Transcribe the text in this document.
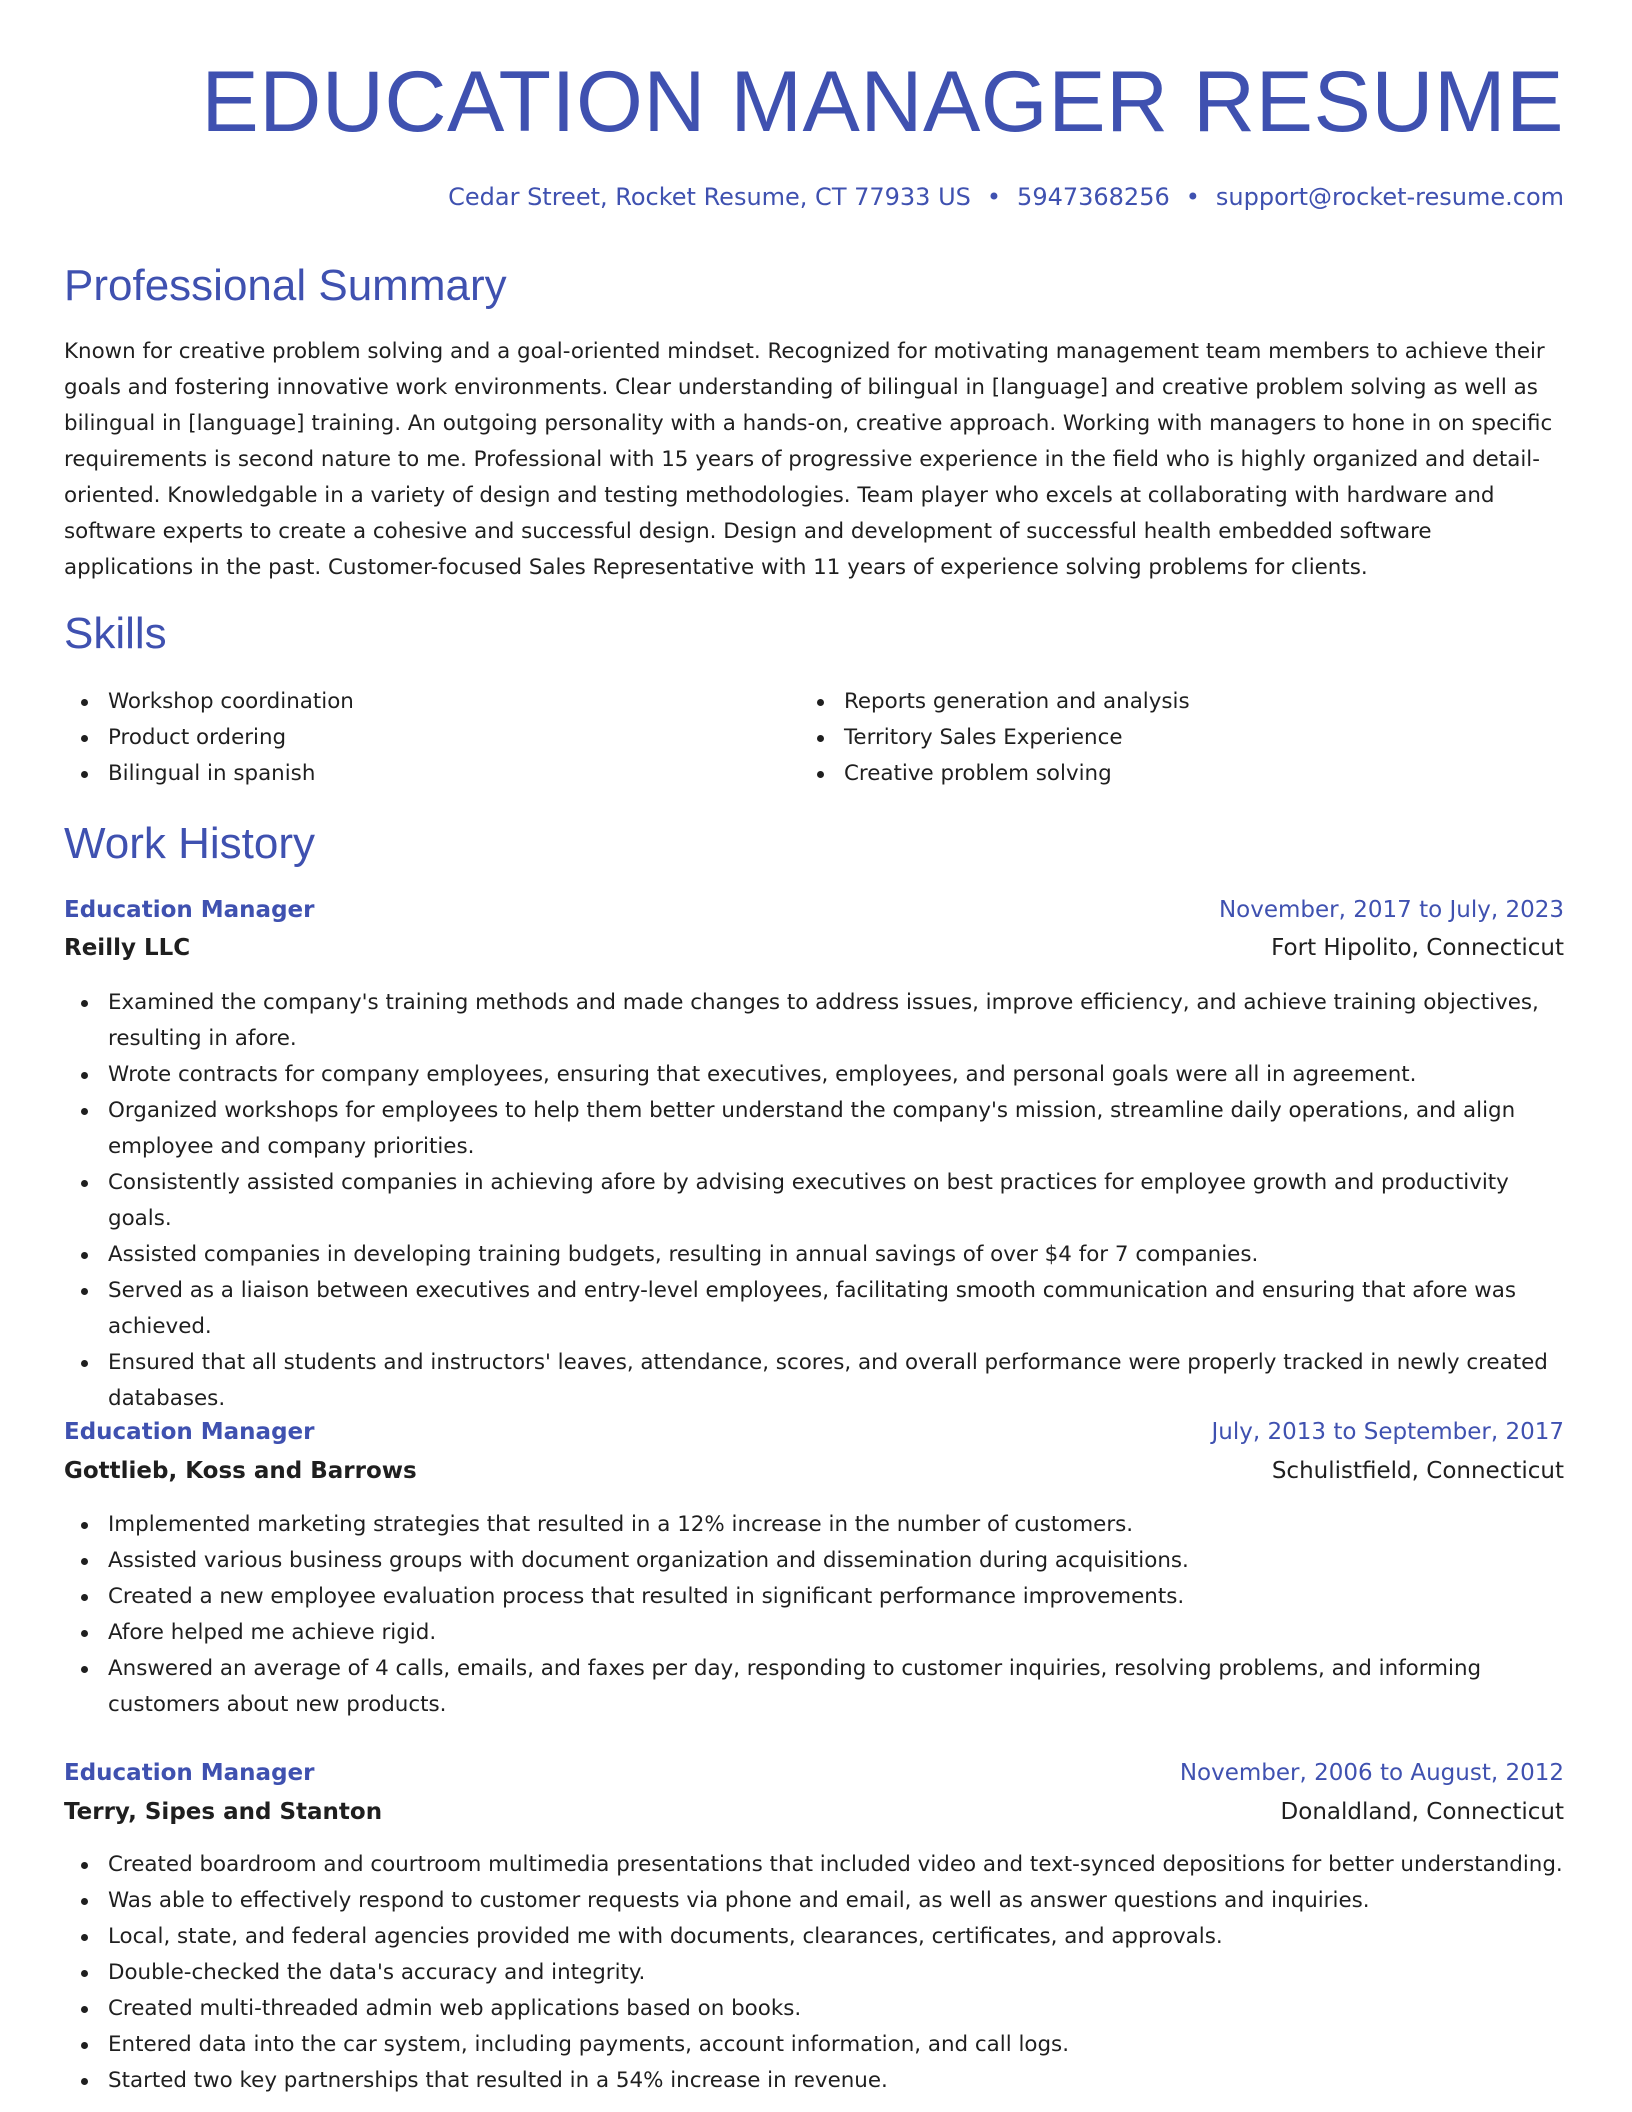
EDUCATION MANAGER RESUME
Cedar Street, Rocket Resume, CT 77933 US • 5947368256 • support@rocket-resume.com
Professional Summary

Known for creative problem solving and a goal-oriented mindset. Recognized for motivating management team members to achieve their goals and fostering innovative work environments. Clear understanding of bilingual in [language] and creative problem solving as well as bilingual in [language] training. An outgoing personality with a hands-on, creative approach. Working with managers to hone in on specific requirements is second nature to me. Professional with 15 years of progressive experience in the field who is highly organized and detail-oriented. Knowledgable in a variety of design and testing methodologies. Team player who excels at collaborating with hardware and software experts to create a cohesive and successful design. Design and development of successful health embedded software applications in the past. Customer-focused Sales Representative with 11 years of experience solving problems for clients.

Skills
Workshop coordination
Product ordering
Bilingual in spanish
Reports generation and analysis
Territory Sales Experience
Creative problem solving
Work History
Education Manager	November, 2017 to July, 2023
Reilly LLC	Fort Hipolito, Connecticut
Examined the company's training methods and made changes to address issues, improve efficiency, and achieve training objectives, resulting in afore.
Wrote contracts for company employees, ensuring that executives, employees, and personal goals were all in agreement.
Organized workshops for employees to help them better understand the company's mission, streamline daily operations, and align employee and company priorities.
Consistently assisted companies in achieving afore by advising executives on best practices for employee growth and productivity goals.
Assisted companies in developing training budgets, resulting in annual savings of over $4 for 7 companies.
Served as a liaison between executives and entry-level employees, facilitating smooth communication and ensuring that afore was achieved.
Ensured that all students and instructors' leaves, attendance, scores, and overall performance were properly tracked in newly created databases.
Education Manager	July, 2013 to September, 2017
Gottlieb, Koss and Barrows	Schulistfield, Connecticut
Implemented marketing strategies that resulted in a 12% increase in the number of customers.
Assisted various business groups with document organization and dissemination during acquisitions.
Created a new employee evaluation process that resulted in significant performance improvements.
Afore helped me achieve rigid.
Answered an average of 4 calls, emails, and faxes per day, responding to customer inquiries, resolving problems, and informing customers about new products.
Education Manager	November, 2006 to August, 2012
Terry, Sipes and Stanton	Donaldland, Connecticut
Created boardroom and courtroom multimedia presentations that included video and text-synced depositions for better understanding.
Was able to effectively respond to customer requests via phone and email, as well as answer questions and inquiries.
Local, state, and federal agencies provided me with documents, clearances, certificates, and approvals.
Double-checked the data's accuracy and integrity.
Created multi-threaded admin web applications based on books.
Entered data into the car system, including payments, account information, and call logs.
Started two key partnerships that resulted in a 54% increase in revenue.
